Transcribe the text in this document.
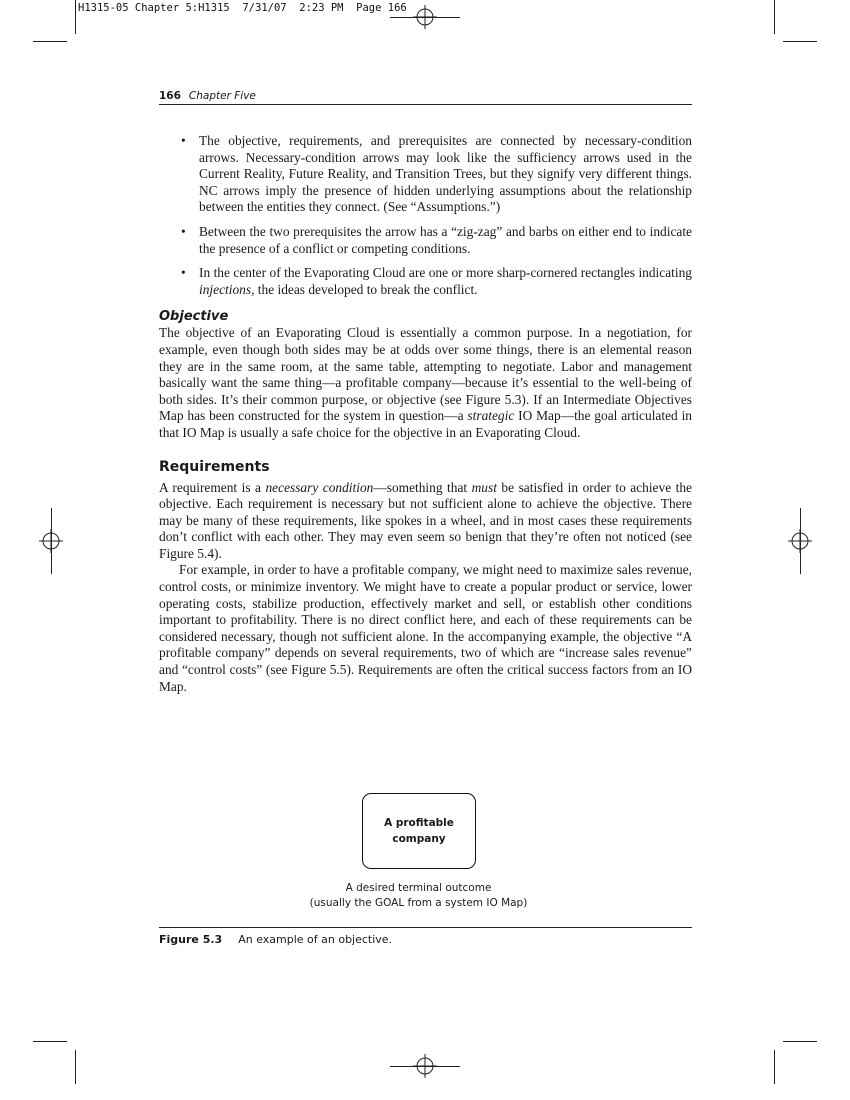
H1315-05 Chapter 5:H1315  7/31/07  2:23 PM  Page 166
166 Chapter Five
• The objective, requirements, and prerequisites are connected by necessary-condition arrows. Necessary-condition arrows may look like the sufficiency arrows used in the Current Reality, Future Reality, and Transition Trees, but they signify very different things. NC arrows imply the presence of hidden underlying assumptions about the relationship between the entities they connect. (See “Assumptions.”)
• Between the two prerequisites the arrow has a “zig-zag” and barbs on either end to indicate the presence of a conflict or competing conditions.
• In the center of the Evaporating Cloud are one or more sharp-cornered rectangles indicating injections, the ideas developed to break the conflict.
Objective

The objective of an Evaporating Cloud is essentially a common purpose. In a negotiation, for example, even though both sides may be at odds over some things, there is an elemental reason they are in the same room, at the same table, attempting to negotiate. Labor and management basically want the same thing—a profitable company—because it’s essential to the well-being of both sides. It’s their common purpose, or objective (see Figure 5.3). If an Intermediate Objectives Map has been constructed for the system in question—a strategic IO Map—the goal articulated in that IO Map is usually a safe choice for the objective in an Evaporating Cloud.

Requirements

A requirement is a necessary condition—something that must be satisfied in order to achieve the objective. Each requirement is necessary but not sufficient alone to achieve the objective. There may be many of these requirements, like spokes in a wheel, and in most cases these requirements don’t conflict with each other. They may even seem so benign that they’re often not noticed (see Figure 5.4).

For example, in order to have a profitable company, we might need to maximize sales revenue, control costs, or minimize inventory. We might have to create a popular product or service, lower operating costs, stabilize production, effectively market and sell, or establish other conditions important to profitability. There is no direct conflict here, and each of these requirements can be considered necessary, though not sufficient alone. In the accompanying example, the objective “A profitable company” depends on several requirements, two of which are “increase sales revenue” and “control costs” (see Figure 5.5). Requirements are often the critical success factors from an IO Map.

A profitable company
A desired terminal outcome
(usually the GOAL from a system IO Map)
Figure 5.3 An example of an objective.
